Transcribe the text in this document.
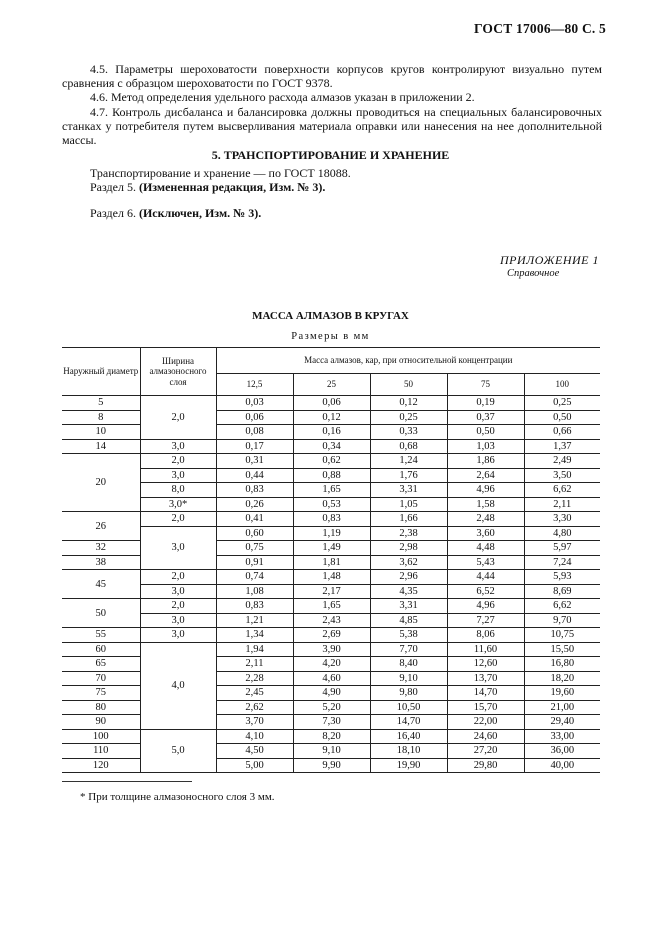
ГОСТ 17006—80 С. 5

4.5. Параметры шероховатости поверхности корпусов кругов контролируют визуально путем сравнения с образцом шероховатости по ГОСТ 9378.

4.6. Метод определения удельного расхода алмазов указан в приложении 2.

4.7. Контроль дисбаланса и балансировка должны проводиться на специальных балансировочных станках у потребителя путем высверливания материала оправки или нанесения на нее дополнительной массы.

5. ТРАНСПОРТИРОВАНИЕ И ХРАНЕНИЕ

Транспортирование и хранение — по ГОСТ 18088.

Раздел 5. (Измененная редакция, Изм. № 3).

Раздел 6. (Исключен, Изм. № 3).
ПРИЛОЖЕНИЕ 1
Справочное
МАССА АЛМАЗОВ В КРУГАХ
Размеры в мм
Наружный диаметр	Ширина алмазоносного слоя	Масса алмазов, кар, при относительной концентрации				
		12,5	25	50	75	100
5	2,0	0,03	0,06	0,12	0,19	0,25
8		0,06	0,12	0,25	0,37	0,50
10		0,08	0,16	0,33	0,50	0,66
14	3,0	0,17	0,34	0,68	1,03	1,37
20	2,0	0,31	0,62	1,24	1,86	2,49
	3,0	0,44	0,88	1,76	2,64	3,50
	8,0	0,83	1,65	3,31	4,96	6,62
	3,0*	0,26	0,53	1,05	1,58	2,11
26	2,0	0,41	0,83	1,66	2,48	3,30
	3,0	0,60	1,19	2,38	3,60	4,80
32		0,75	1,49	2,98	4,48	5,97
38		0,91	1,81	3,62	5,43	7,24
45	2,0	0,74	1,48	2,96	4,44	5,93
	3,0	1,08	2,17	4,35	6,52	8,69
50	2,0	0,83	1,65	3,31	4,96	6,62
	3,0	1,21	2,43	4,85	7,27	9,70
55	3,0	1,34	2,69	5,38	8,06	10,75
60	4,0	1,94	3,90	7,70	11,60	15,50
65		2,11	4,20	8,40	12,60	16,80
70		2,28	4,60	9,10	13,70	18,20
75		2,45	4,90	9,80	14,70	19,60
80		2,62	5,20	10,50	15,70	21,00
90		3,70	7,30	14,70	22,00	29,40
100	5,0	4,10	8,20	16,40	24,60	33,00
110		4,50	9,10	18,10	27,20	36,00
120		5,00	9,90	19,90	29,80	40,00
* При толщине алмазоносного слоя 3 мм.
